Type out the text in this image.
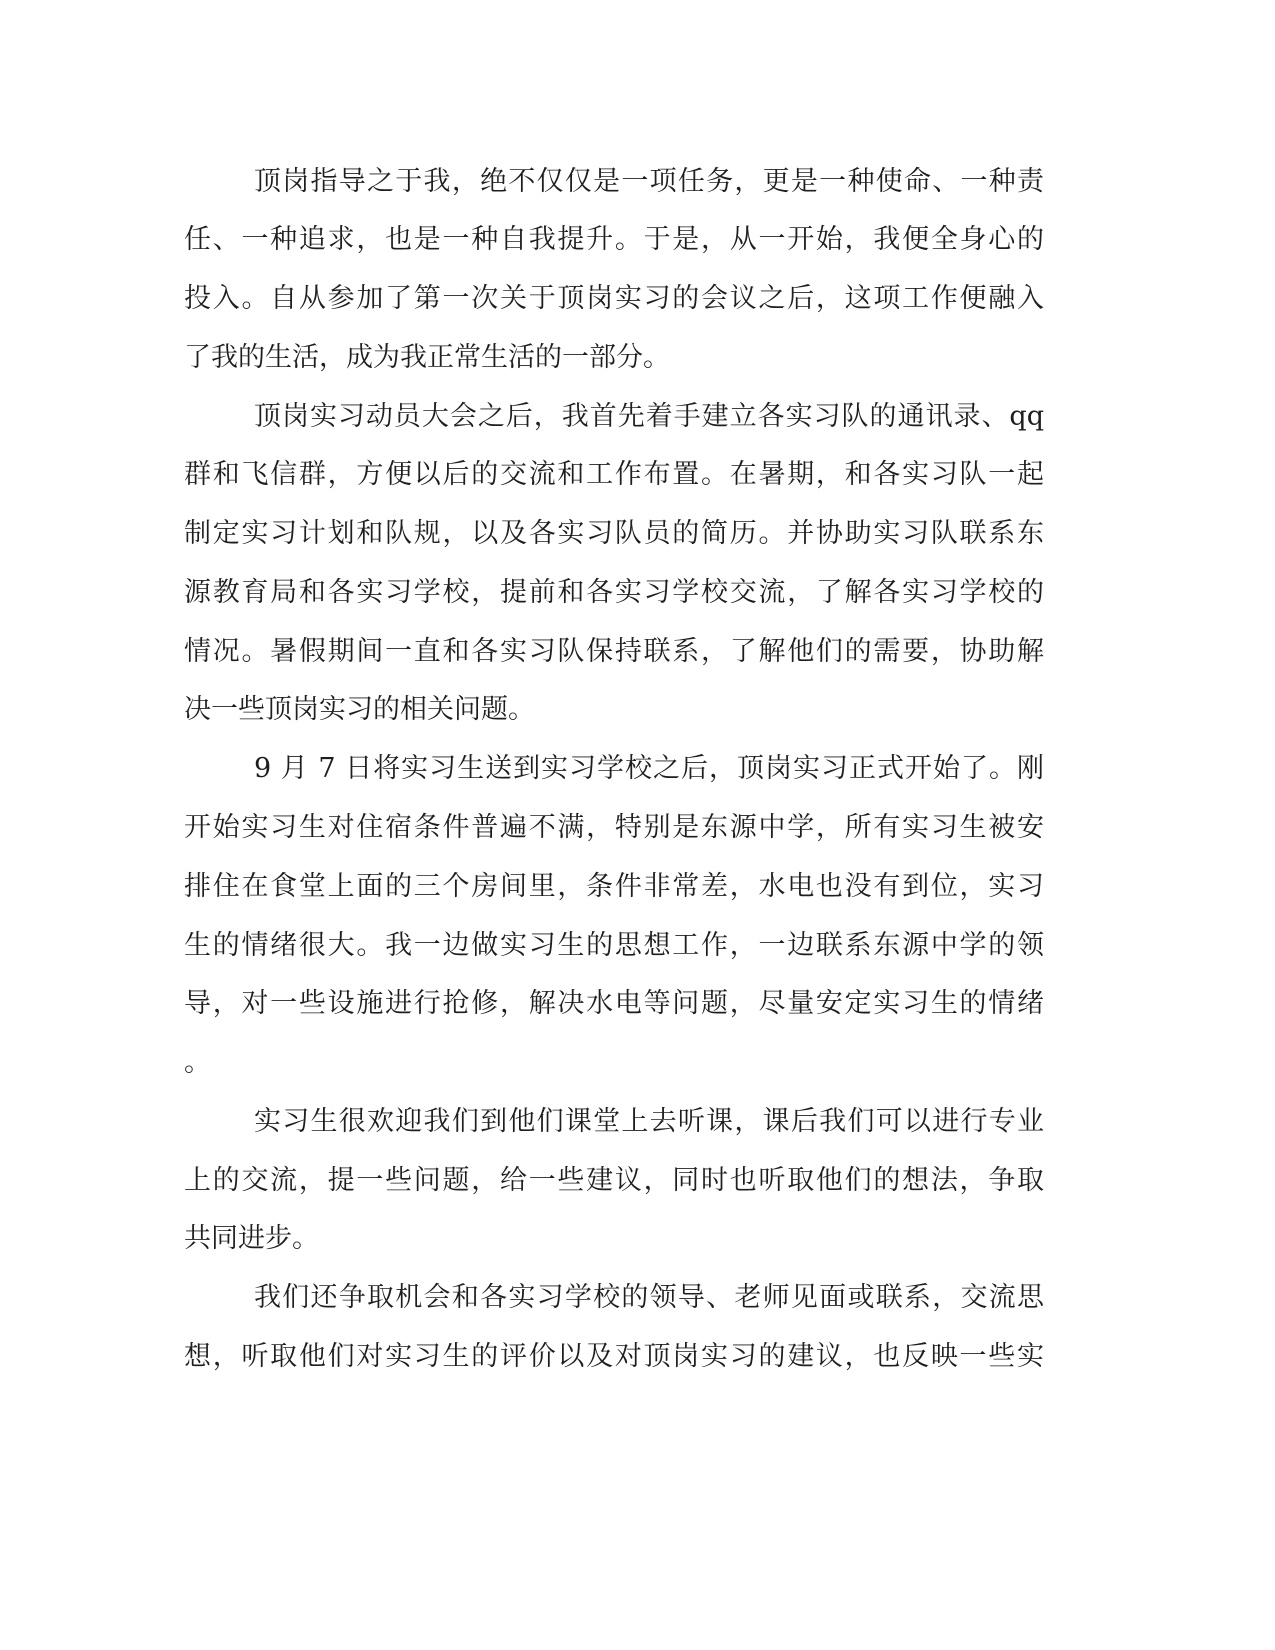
顶岗指导之于我，绝不仅仅是一项任务，更是一种使命、一种责
任、一种追求，也是一种自我提升。于是，从一开始，我便全身心的
投入。自从参加了第一次关于顶岗实习的会议之后，这项工作便融入
了我的生活，成为我正常生活的一部分。
顶岗实习动员大会之后，我首先着手建立各实习队的通讯录、qq
群和飞信群，方便以后的交流和工作布置。在暑期，和各实习队一起
制定实习计划和队规，以及各实习队员的简历。并协助实习队联系东
源教育局和各实习学校，提前和各实习学校交流，了解各实习学校的
情况。暑假期间一直和各实习队保持联系，了解他们的需要，协助解
决一些顶岗实习的相关问题。
9 月 7 日将实习生送到实习学校之后，顶岗实习正式开始了。刚
开始实习生对住宿条件普遍不满，特别是东源中学，所有实习生被安
排住在食堂上面的三个房间里，条件非常差，水电也没有到位，实习
生的情绪很大。我一边做实习生的思想工作，一边联系东源中学的领
导，对一些设施进行抢修，解决水电等问题，尽量安定实习生的情绪
。
实习生很欢迎我们到他们课堂上去听课，课后我们可以进行专业
上的交流，提一些问题，给一些建议，同时也听取他们的想法，争取
共同进步。
我们还争取机会和各实习学校的领导、老师见面或联系，交流思
想，听取他们对实习生的评价以及对顶岗实习的建议，也反映一些实
